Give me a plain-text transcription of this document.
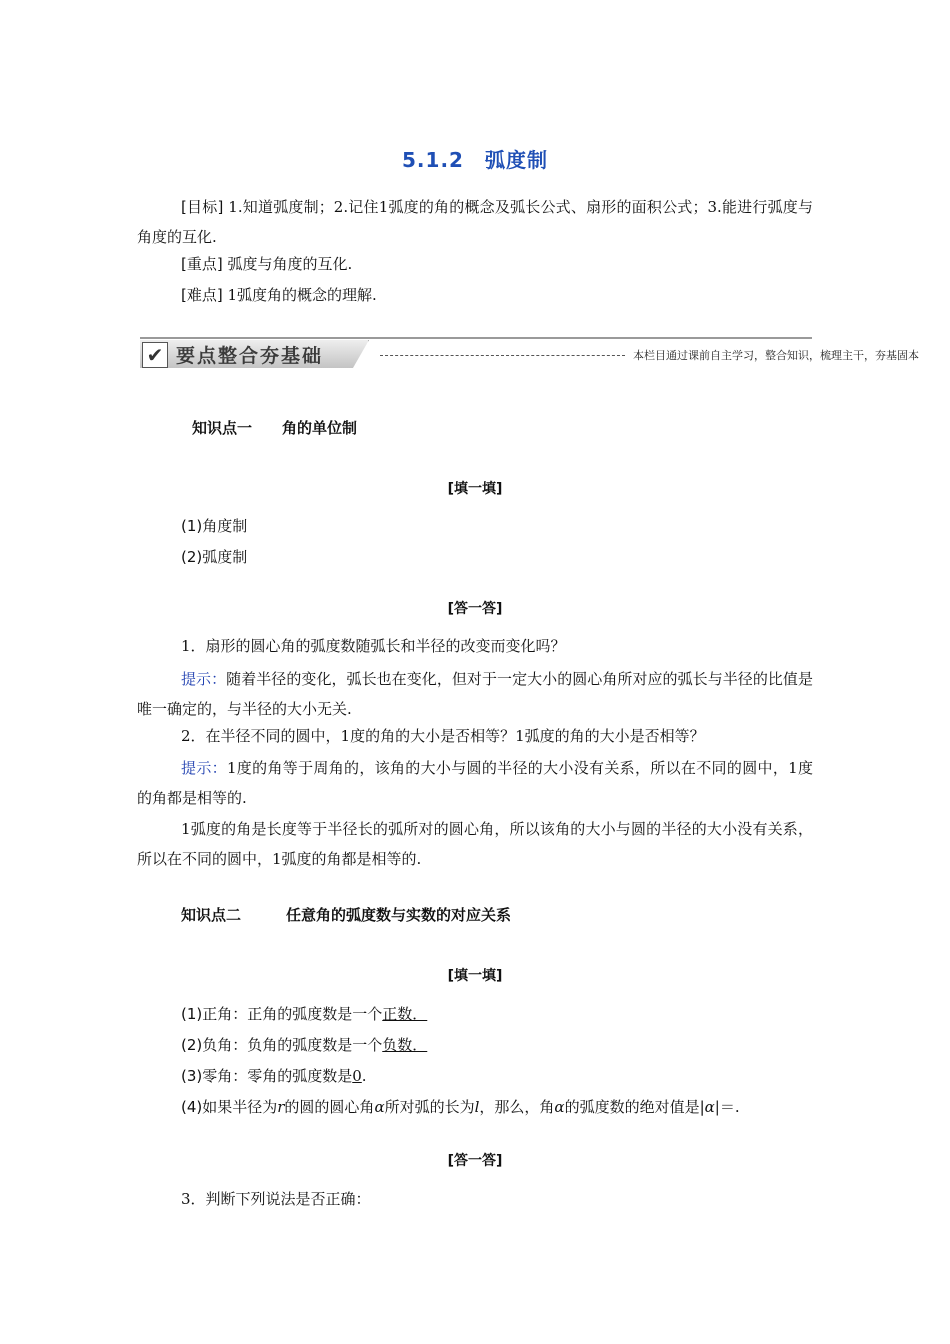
5.1.2　弧度制
[目标] 1.知道弧度制；2.记住1弧度的角的概念及弧长公式、扇形的面积公式；3.能进行弧度与角度的互化.
[重点] 弧度与角度的互化.
[难点] 1弧度角的概念的理解.
✔ 要点整合夯基础	本栏目通过课前自主学习，整合知识，梳理主干，夯基固本
知识点一　　角的单位制
[填一填]
(1)角度制
(2)弧度制
[答一答]
1．扇形的圆心角的弧度数随弧长和半径的改变而变化吗？
提示：随着半径的变化，弧长也在变化，但对于一定大小的圆心角所对应的弧长与半径的比值是唯一确定的，与半径的大小无关.
2．在半径不同的圆中，1度的角的大小是否相等？1弧度的角的大小是否相等？
提示：1度的角等于周角的，该角的大小与圆的半径的大小没有关系，所以在不同的圆中，1度的角都是相等的.
1弧度的角是长度等于半径长的弧所对的圆心角，所以该角的大小与圆的半径的大小没有关系，所以在不同的圆中，1弧度的角都是相等的.
知识点二　　　任意角的弧度数与实数的对应关系
[填一填]
(1)正角：正角的弧度数是一个正数．
(2)负角：负角的弧度数是一个负数．
(3)零角：零角的弧度数是0.
(4)如果半径为r的圆的圆心角α所对弧的长为l，那么，角α的弧度数的绝对值是|α|＝.
[答一答]
3．判断下列说法是否正确：
